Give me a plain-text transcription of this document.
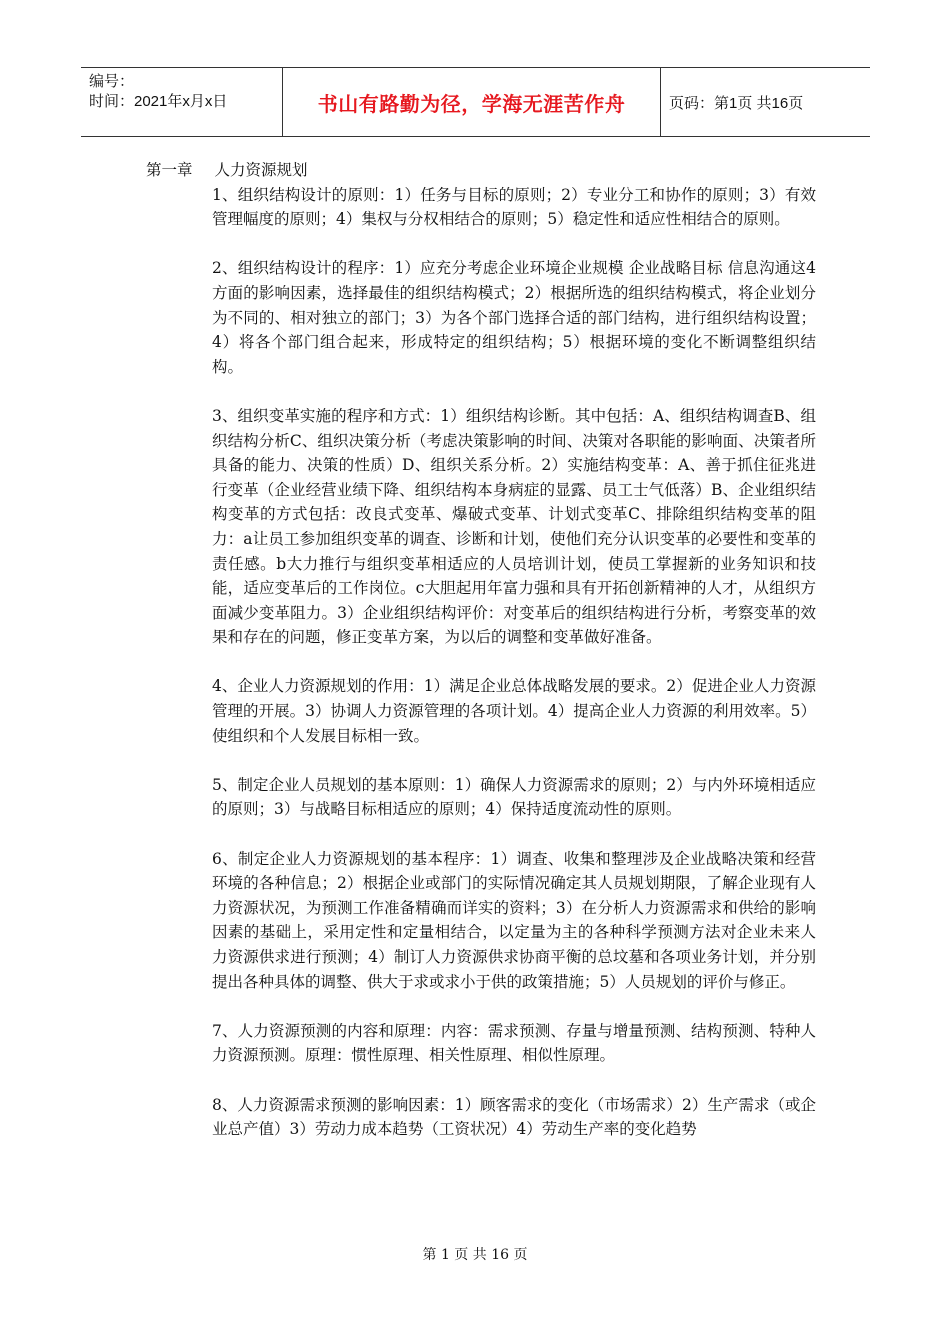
编号：
时间：2021年x月x日	书山有路勤为径，学海无涯苦作舟	页码：第1页 共16页
第一章 人力资源规划

1、组织结构设计的原则：1）任务与目标的原则；2）专业分工和协作的原则；3）有效管理幅度的原则；4）集权与分权相结合的原则；5）稳定性和适应性相结合的原则。

2、组织结构设计的程序：1）应充分考虑企业环境企业规模 企业战略目标 信息沟通这4方面的影响因素，选择最佳的组织结构模式；2）根据所选的组织结构模式，将企业划分为不同的、相对独立的部门；3）为各个部门选择合适的部门结构，进行组织结构设置；4）将各个部门组合起来，形成特定的组织结构；5）根据环境的变化不断调整组织结构。

3、组织变革实施的程序和方式：1）组织结构诊断。其中包括：A、组织结构调查B、组织结构分析C、组织决策分析（考虑决策影响的时间、决策对各职能的影响面、决策者所具备的能力、决策的性质）D、组织关系分析。2）实施结构变革：A、善于抓住征兆进行变革（企业经营业绩下降、组织结构本身病症的显露、员工士气低落）B、企业组织结构变革的方式包括：改良式变革、爆破式变革、计划式变革C、排除组织结构变革的阻力：a让员工参加组织变革的调查、诊断和计划，使他们充分认识变革的必要性和变革的责任感。b大力推行与组织变革相适应的人员培训计划，使员工掌握新的业务知识和技能，适应变革后的工作岗位。c大胆起用年富力强和具有开拓创新精神的人才，从组织方面减少变革阻力。3）企业组织结构评价：对变革后的组织结构进行分析，考察变革的效果和存在的问题，修正变革方案，为以后的调整和变革做好准备。

4、企业人力资源规划的作用：1）满足企业总体战略发展的要求。2）促进企业人力资源管理的开展。3）协调人力资源管理的各项计划。4）提高企业人力资源的利用效率。5）使组织和个人发展目标相一致。

5、制定企业人员规划的基本原则：1）确保人力资源需求的原则；2）与内外环境相适应的原则；3）与战略目标相适应的原则；4）保持适度流动性的原则。

6、制定企业人力资源规划的基本程序：1）调查、收集和整理涉及企业战略决策和经营环境的各种信息；2）根据企业或部门的实际情况确定其人员规划期限，了解企业现有人力资源状况，为预测工作准备精确而详实的资料；3）在分析人力资源需求和供给的影响因素的基础上，采用定性和定量相结合，以定量为主的各种科学预测方法对企业未来人力资源供求进行预测；4）制订人力资源供求协商平衡的总坟墓和各项业务计划，并分别提出各种具体的调整、供大于求或求小于供的政策措施；5）人员规划的评价与修正。

7、人力资源预测的内容和原理：内容：需求预测、存量与增量预测、结构预测、特种人力资源预测。原理：惯性原理、相关性原理、相似性原理。

8、人力资源需求预测的影响因素：1）顾客需求的变化（市场需求）2）生产需求（或企业总产值）3）劳动力成本趋势（工资状况）4）劳动生产率的变化趋势

第 1 页 共 16 页
